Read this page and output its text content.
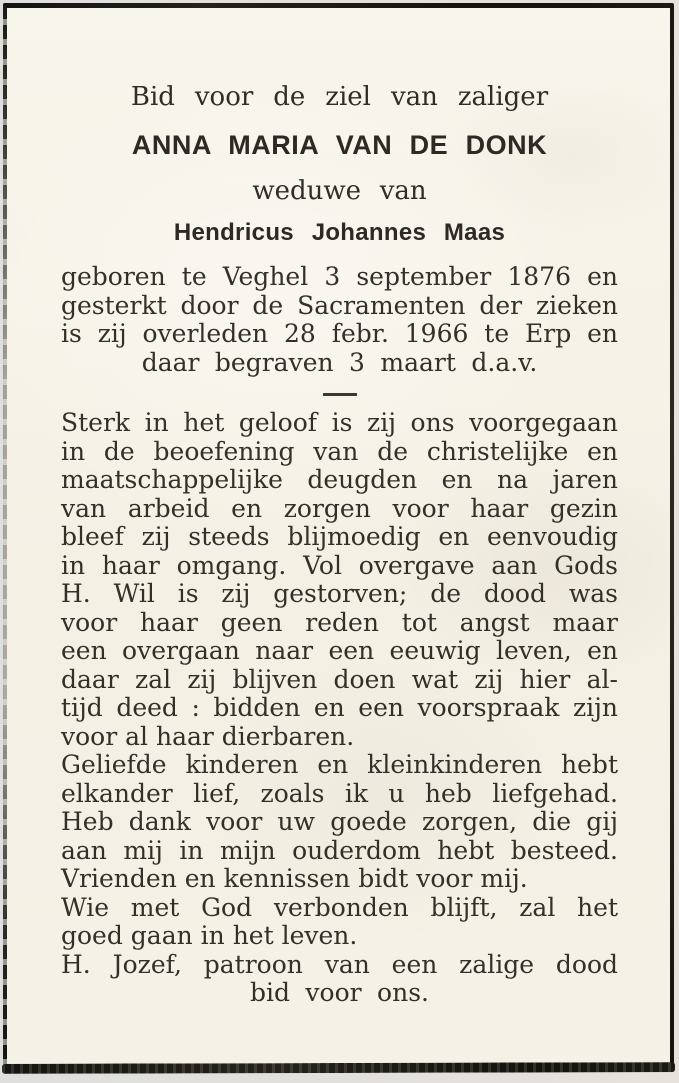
Bid voor de ziel van zaliger
ANNA MARIA VAN DE DONK
weduwe van
Hendricus Johannes Maas
geboren te Veghel 3 september 1876 en
gesterkt door de Sacramenten der zieken
is zij overleden 28 febr. 1966 te Erp en
daar begraven 3 maart d.a.v.
Sterk in het geloof is zij ons voorgegaan
in de beoefening van de christelijke en
maatschappelijke deugden en na jaren
van arbeid en zorgen voor haar gezin
bleef zij steeds blijmoedig en eenvoudig
in haar omgang. Vol overgave aan Gods
H. Wil is zij gestorven; de dood was
voor haar geen reden tot angst maar
een overgaan naar een eeuwig leven, en
daar zal zij blijven doen wat zij hier al-
tijd deed : bidden en een voorspraak zijn
voor al haar dierbaren.
Geliefde kinderen en kleinkinderen hebt
elkander lief, zoals ik u heb liefgehad.
Heb dank voor uw goede zorgen, die gij
aan mij in mijn ouderdom hebt besteed.
Vrienden en kennissen bidt voor mij.
Wie met God verbonden blijft, zal het
goed gaan in het leven.
H. Jozef, patroon van een zalige dood
bid voor ons.
